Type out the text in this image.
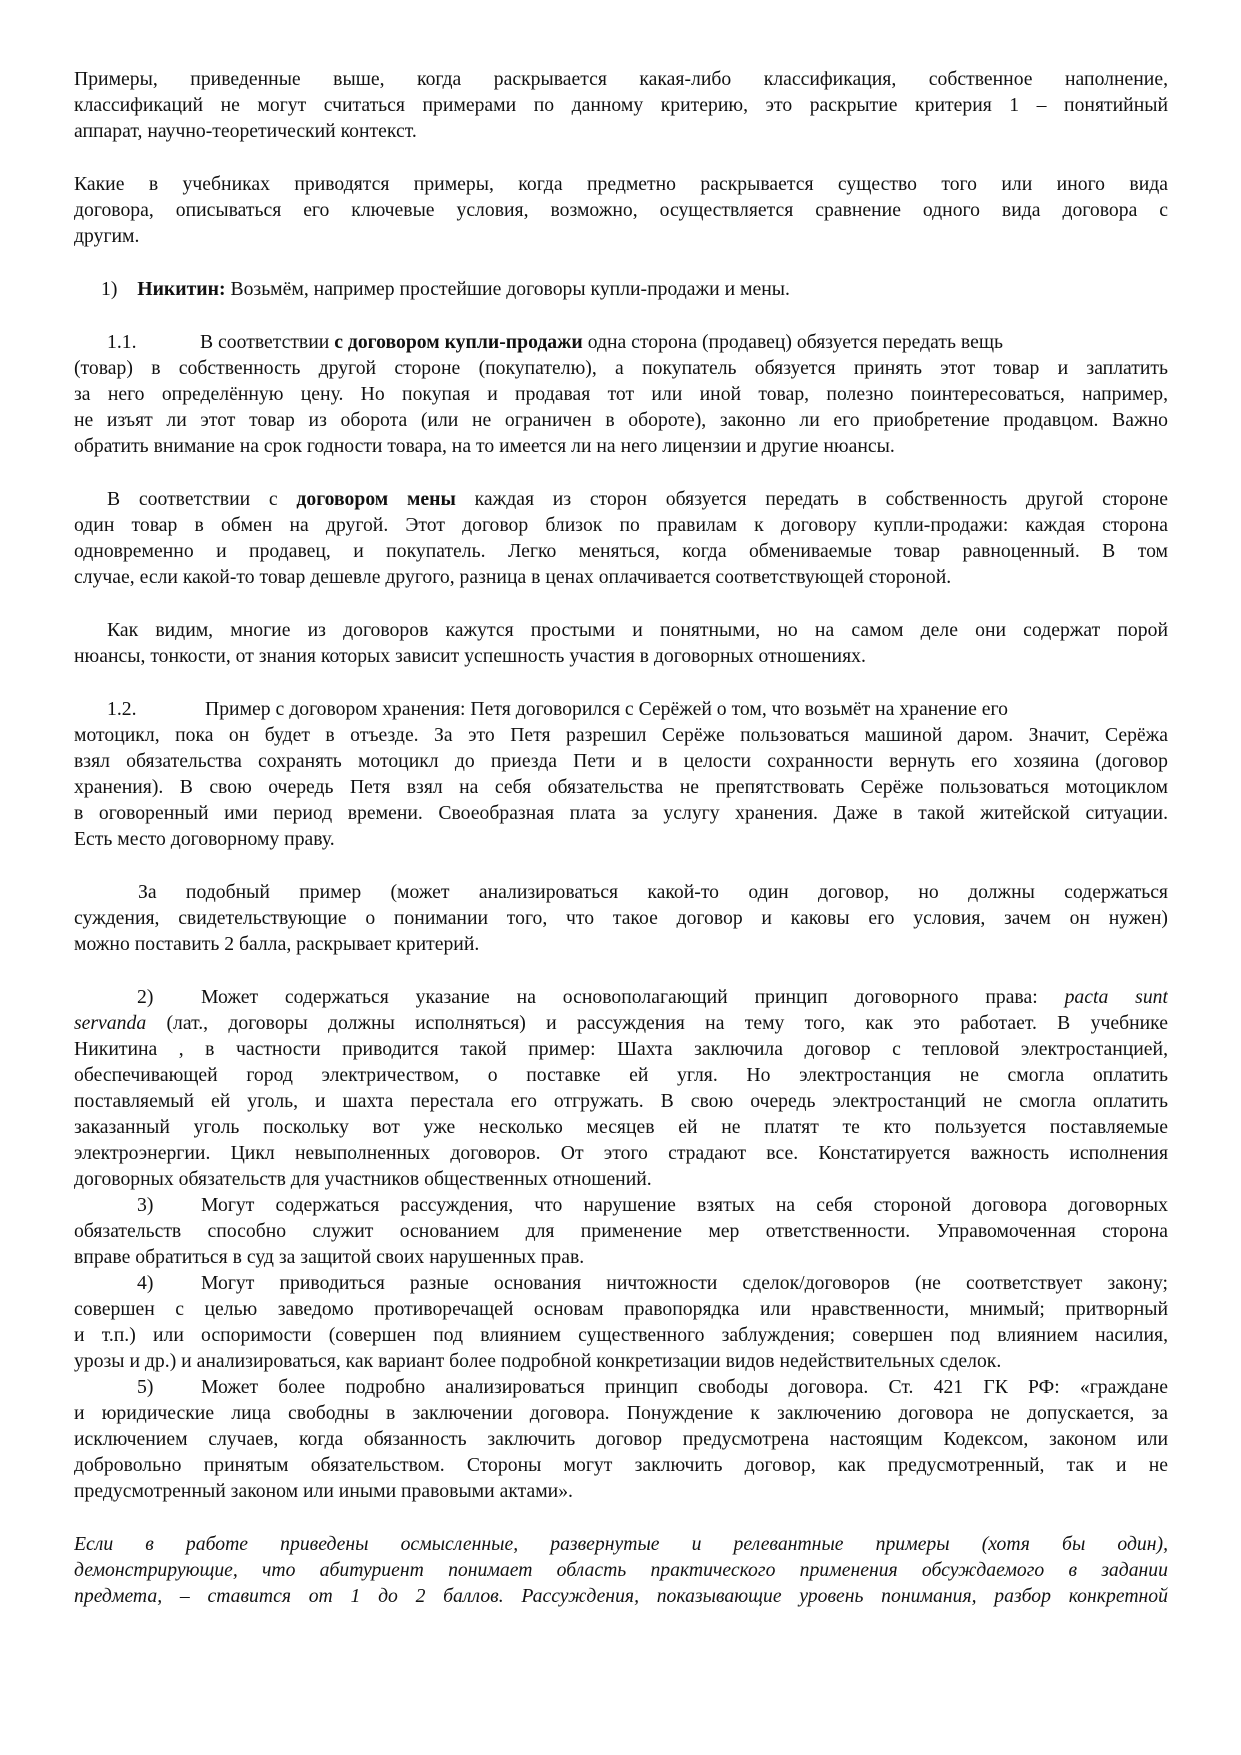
Примеры, приведенные выше, когда раскрывается какая-либо классификация, собственное наполнение,
классификаций не могут считаться примерами по данному критерию, это раскрытие критерия 1 – понятийный
аппарат, научно-теоретический контекст.
Какие в учебниках приводятся примеры, когда предметно раскрывается существо того или иного вида
договора, описываться его ключевые условия, возможно, осуществляется сравнение одного вида договора с
другим.
1) Никитин: Возьмём, например простейшие договоры купли-продажи и мены.
1.1.	В соответствии с договором купли-продажи одна сторона (продавец) обязуется передать вещь
(товар) в собственность другой стороне (покупателю), а покупатель обязуется принять этот товар и заплатить
за него определённую цену. Но покупая и продавая тот или иной товар, полезно поинтересоваться, например,
не изъят ли этот товар из оборота (или не ограничен в обороте), законно ли его приобретение продавцом. Важно
обратить внимание на срок годности товара, на то имеется ли на него лицензии и другие нюансы.
В соответствии с договором мены каждая из сторон обязуется передать в собственность другой стороне
один товар в обмен на другой. Этот договор близок по правилам к договору купли-продажи: каждая сторона
одновременно и продавец, и покупатель. Легко меняться, когда обмениваемые товар равноценный. В том
случае, если какой-то товар дешевле другого, разница в ценах оплачивается соответствующей стороной.
Как видим, многие из договоров кажутся простыми и понятными, но на самом деле они содержат порой
нюансы, тонкости, от знания которых зависит успешность участия в договорных отношениях.
1.2.	Пример с договором хранения: Петя договорился с Серёжей о том, что возьмёт на хранение его
мотоцикл, пока он будет в отъезде. За это Петя разрешил Серёже пользоваться машиной даром. Значит, Серёжа
взял обязательства сохранять мотоцикл до приезда Пети и в целости сохранности вернуть его хозяина (договор
хранения). В свою очередь Петя взял на себя обязательства не препятствовать Серёже пользоваться мотоциклом
в оговоренный ими период времени. Своеобразная плата за услугу хранения. Даже в такой житейской ситуации.
Есть место договорному праву.
За подобный пример (может анализироваться какой-то один договор, но должны содержаться
суждения, свидетельствующие о понимании того, что такое договор и каковы его условия, зачем он нужен)
можно поставить 2 балла, раскрывает критерий.
2) Может содержаться указание на основополагающий принцип договорного права: pacta sunt
servanda (лат., договоры должны исполняться) и рассуждения на тему того, как это работает. В учебнике
Никитина , в частности приводится такой пример: Шахта заключила договор с тепловой электростанцией,
обеспечивающей город электричеством, о поставке ей угля. Но электростанция не смогла оплатить
поставляемый ей уголь, и шахта перестала его отгружать. В свою очередь электростанций не смогла оплатить
заказанный уголь поскольку вот уже несколько месяцев ей не платят те кто пользуется поставляемые
электроэнергии. Цикл невыполненных договоров. От этого страдают все. Констатируется важность исполнения
договорных обязательств для участников общественных отношений.
3) Могут содержаться рассуждения, что нарушение взятых на себя стороной договора договорных
обязательств способно служит основанием для применение мер ответственности. Управомоченная сторона
вправе обратиться в суд за защитой своих нарушенных прав.
4) Могут приводиться разные основания ничтожности сделок/договоров (не соответствует закону;
совершен с целью заведомо противоречащей основам правопорядка или нравственности, мнимый; притворный
и т.п.) или оспоримости (совершен под влиянием существенного заблуждения; совершен под влиянием насилия,
урозы и др.) и анализироваться, как вариант более подробной конкретизации видов недействительных сделок.
5) Может более подробно анализироваться принцип свободы договора. Ст. 421 ГК РФ: «граждане
и юридические лица свободны в заключении договора. Понуждение к заключению договора не допускается, за
исключением случаев, когда обязанность заключить договор предусмотрена настоящим Кодексом, законом или
добровольно принятым обязательством. Стороны могут заключить договор, как предусмотренный, так и не
предусмотренный законом или иными правовыми актами».
Если в работе приведены осмысленные, развернутые и релевантные примеры (хотя бы один),
демонстрирующие, что абитуриент понимает область практического применения обсуждаемого в задании
предмета, – ставится от 1 до 2 баллов. Рассуждения, показывающие уровень понимания, разбор конкретной
